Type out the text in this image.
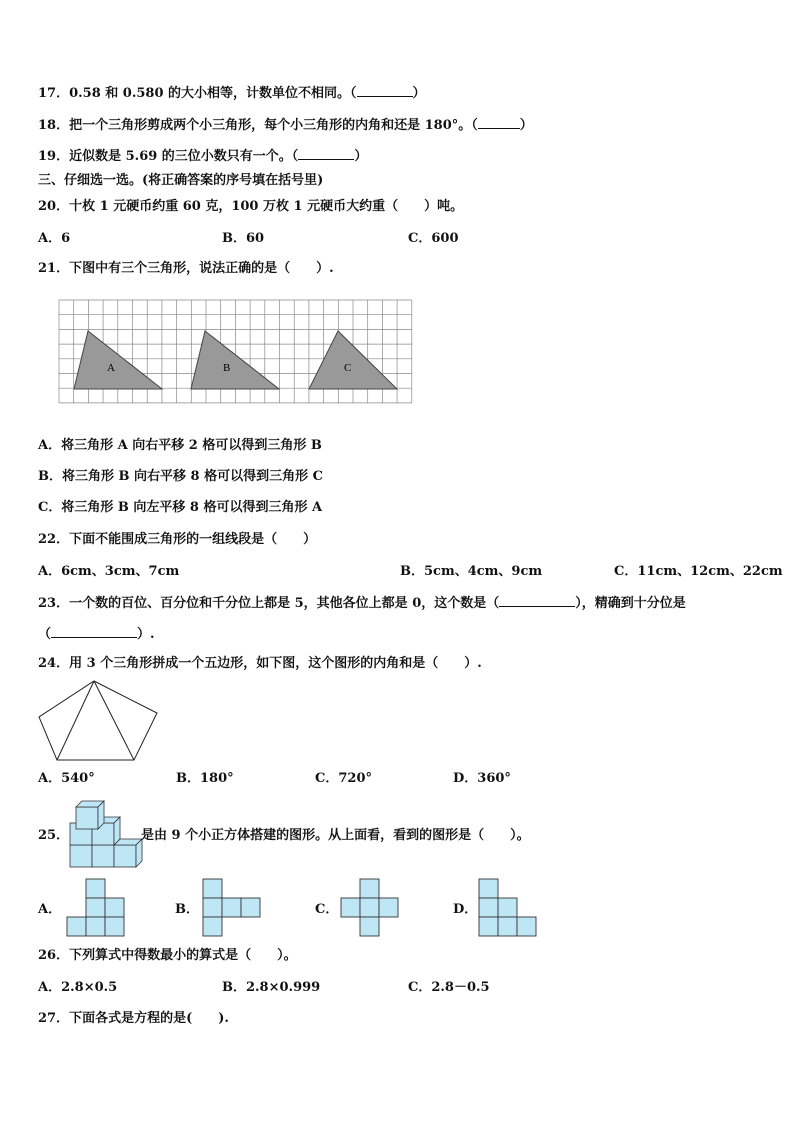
17．0.58 和 0.580 的大小相等，计数单位不相同。（	）
18．把一个三角形剪成两个小三角形，每个小三角形的内角和还是 180°。（	）
19．近似数是 5.69 的三位小数只有一个。（	）
三、仔细选一选。(将正确答案的序号填在括号里)
20．十枚 1 元硬币约重 60 克，100 万枚 1 元硬币大约重（　　）吨。
A．6	B．60	C．600
21．下图中有三个三角形，说法正确的是（　　）.
A	B	C
A．将三角形 A 向右平移 2 格可以得到三角形 B
B．将三角形 B 向右平移 8 格可以得到三角形 C
C．将三角形 B 向左平移 8 格可以得到三角形 A
22．下面不能围成三角形的一组线段是（　　）
A．6cm、3cm、7cm	B．5cm、4cm、9cm	C．11cm、12cm、22cm
23．一个数的百位、百分位和千分位上都是 5，其他各位上都是 0，这个数是（	），精确到十分位是
（	）.
24．用 3 个三角形拼成一个五边形，如下图，这个图形的内角和是（　　）.
A．540°	B．180°	C．720°	D．360°
25．	是由 9 个小正方体搭建的图形。从上面看，看到的图形是（　　）。
A．	B．	C．	D．
26．下列算式中得数最小的算式是（　　）。
A．2.8×0.5	B．2.8×0.999	C．2.8－0.5
27．下面各式是方程的是(　　).
